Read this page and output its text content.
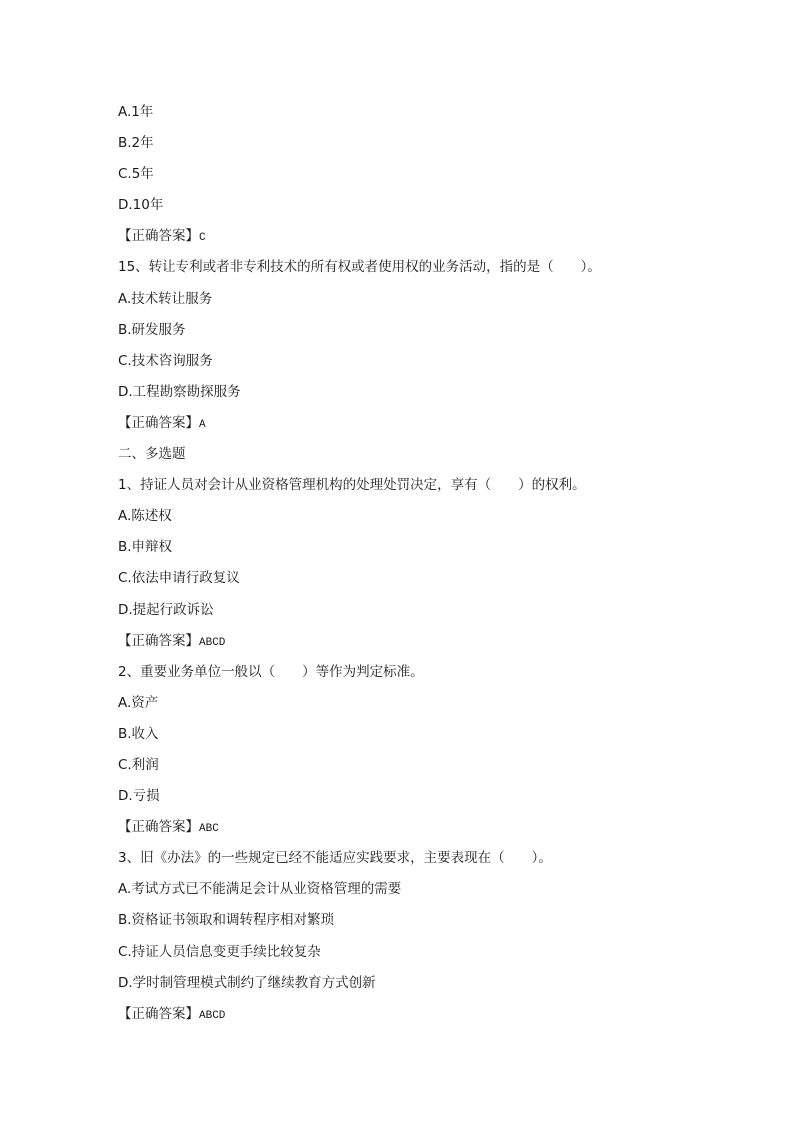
A.1年
B.2年
C.5年
D.10年
【正确答案】C
15、转让专利或者非专利技术的所有权或者使用权的业务活动，指的是（　　）。
A.技术转让服务
B.研发服务
C.技术咨询服务
D.工程勘察勘探服务
【正确答案】A
二、多选题
1、持证人员对会计从业资格管理机构的处理处罚决定，享有（　　）的权利。
A.陈述权
B.申辩权
C.依法申请行政复议
D.提起行政诉讼
【正确答案】ABCD
2、重要业务单位一般以（　　）等作为判定标准。
A.资产
B.收入
C.利润
D.亏损
【正确答案】ABC
3、旧《办法》的一些规定已经不能适应实践要求，主要表现在（　　）。
A.考试方式已不能满足会计从业资格管理的需要
B.资格证书领取和调转程序相对繁琐
C.持证人员信息变更手续比较复杂
D.学时制管理模式制约了继续教育方式创新
【正确答案】ABCD
